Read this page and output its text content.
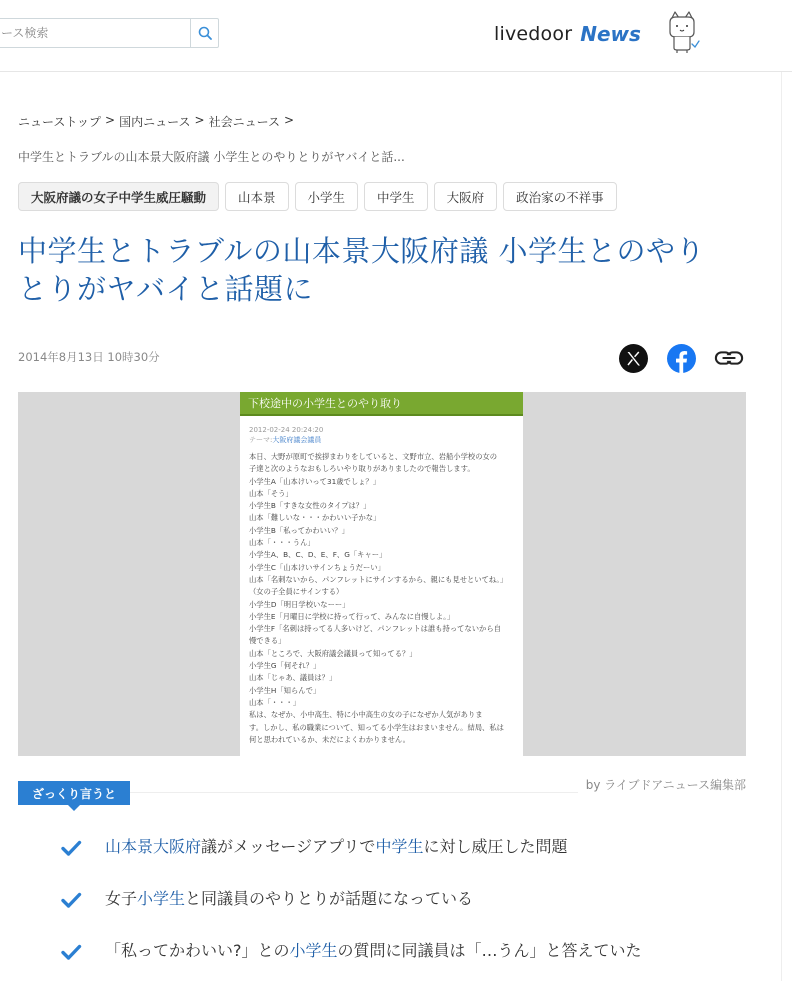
ース検索
livedoor News
ニューストップ > 国内ニュース > 社会ニュース >
中学生とトラブルの山本景大阪府議 小学生とのやりとりがヤバイと話...
大阪府議の女子中学生威圧騒動	山本景	小学生	中学生	大阪府	政治家の不祥事
中学生とトラブルの山本景大阪府議 小学生とのやり
とりがヤバイと話題に
2014年8月13日 10時30分
下校途中の小学生とのやり取り
2012-02-24 20:24:20
テーマ:大阪府議会議員
本日、大野が原町で挨拶まわりをしていると、文野市立、岩船小学校の女の
子達と次のようなおもしろいやり取りがありましたので報告します。
小学生A「山本けいって31歳でしょ？」
山本「そう」
小学生B「すきな女性のタイプは？」
山本「難しいな・・・かわいい子かな」
小学生B「私ってかわいい？」
山本「・・・うん」
小学生A、B、C、D、E、F、G「キャー」
小学生C「山本けいサインちょうだーい」
山本「名刺ないから、パンフレットにサインするから、親にも見せといてね。」
（女の子全員にサインする）
小学生D「明日学校いなーー」
小学生E「月曜日に学校に持って行って、みんなに自慢しよ。」
小学生F「名刺は持ってる人多いけど、パンフレットは誰も持ってないから自
慢できる」
山本「ところで、大阪府議会議員って知ってる？」
小学生G「何それ？」
山本「じゃあ、議員は？」
小学生H「知らんで」
山本「・・・」
私は、なぜか、小中高生、特に小中高生の女の子になぜか人気がありま
す。しかし、私の職業について、知ってる小学生はおまいません。結局、私は
何と思われているか、未だによくわかりません。
ざっくり言うと
by ライブドアニュース編集部
山本景大阪府議がメッセージアプリで中学生に対し威圧した問題
女子小学生と同議員のやりとりが話題になっている
「私ってかわいい?」との小学生の質問に同議員は「…うん」と答えていた
